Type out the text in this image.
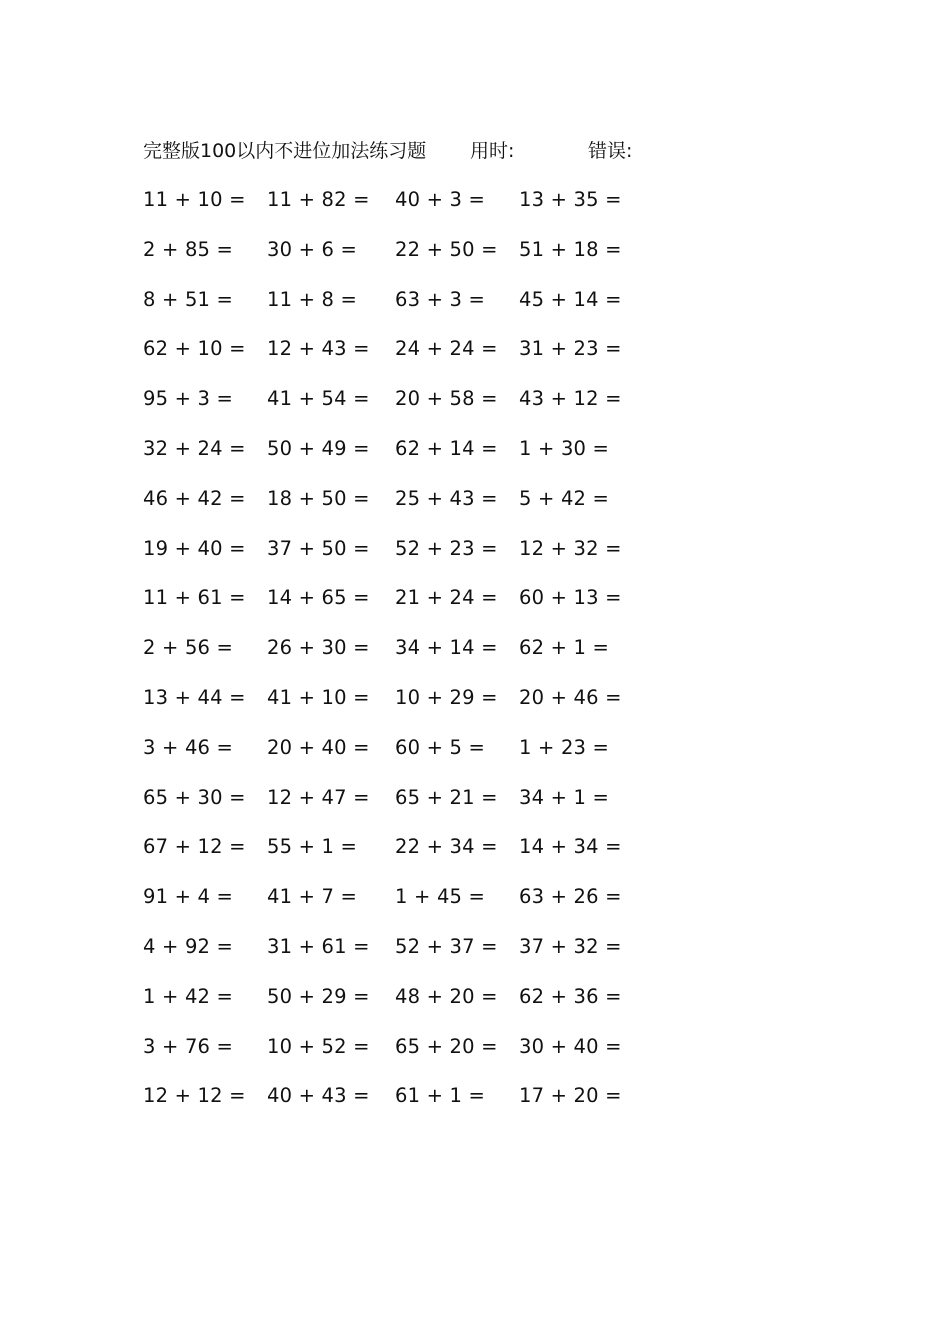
完整版100以内不进位加法练习题 用时:	错误:
11 + 10 = 11 + 82 = 40 + 3 = 13 + 35 =
2 + 85 = 30 + 6 = 22 + 50 = 51 + 18 =
8 + 51 = 11 + 8 = 63 + 3 = 45 + 14 =
62 + 10 = 12 + 43 = 24 + 24 = 31 + 23 =
95 + 3 = 41 + 54 = 20 + 58 = 43 + 12 =
32 + 24 = 50 + 49 = 62 + 14 = 1 + 30 =
46 + 42 = 18 + 50 = 25 + 43 = 5 + 42 =
19 + 40 = 37 + 50 = 52 + 23 = 12 + 32 =
11 + 61 = 14 + 65 = 21 + 24 = 60 + 13 =
2 + 56 = 26 + 30 = 34 + 14 = 62 + 1 =
13 + 44 = 41 + 10 = 10 + 29 = 20 + 46 =
3 + 46 = 20 + 40 = 60 + 5 = 1 + 23 =
65 + 30 = 12 + 47 = 65 + 21 = 34 + 1 =
67 + 12 = 55 + 1 = 22 + 34 = 14 + 34 =
91 + 4 = 41 + 7 = 1 + 45 = 63 + 26 =
4 + 92 = 31 + 61 = 52 + 37 = 37 + 32 =
1 + 42 = 50 + 29 = 48 + 20 = 62 + 36 =
3 + 76 = 10 + 52 = 65 + 20 = 30 + 40 =
12 + 12 = 40 + 43 = 61 + 1 = 17 + 20 =
